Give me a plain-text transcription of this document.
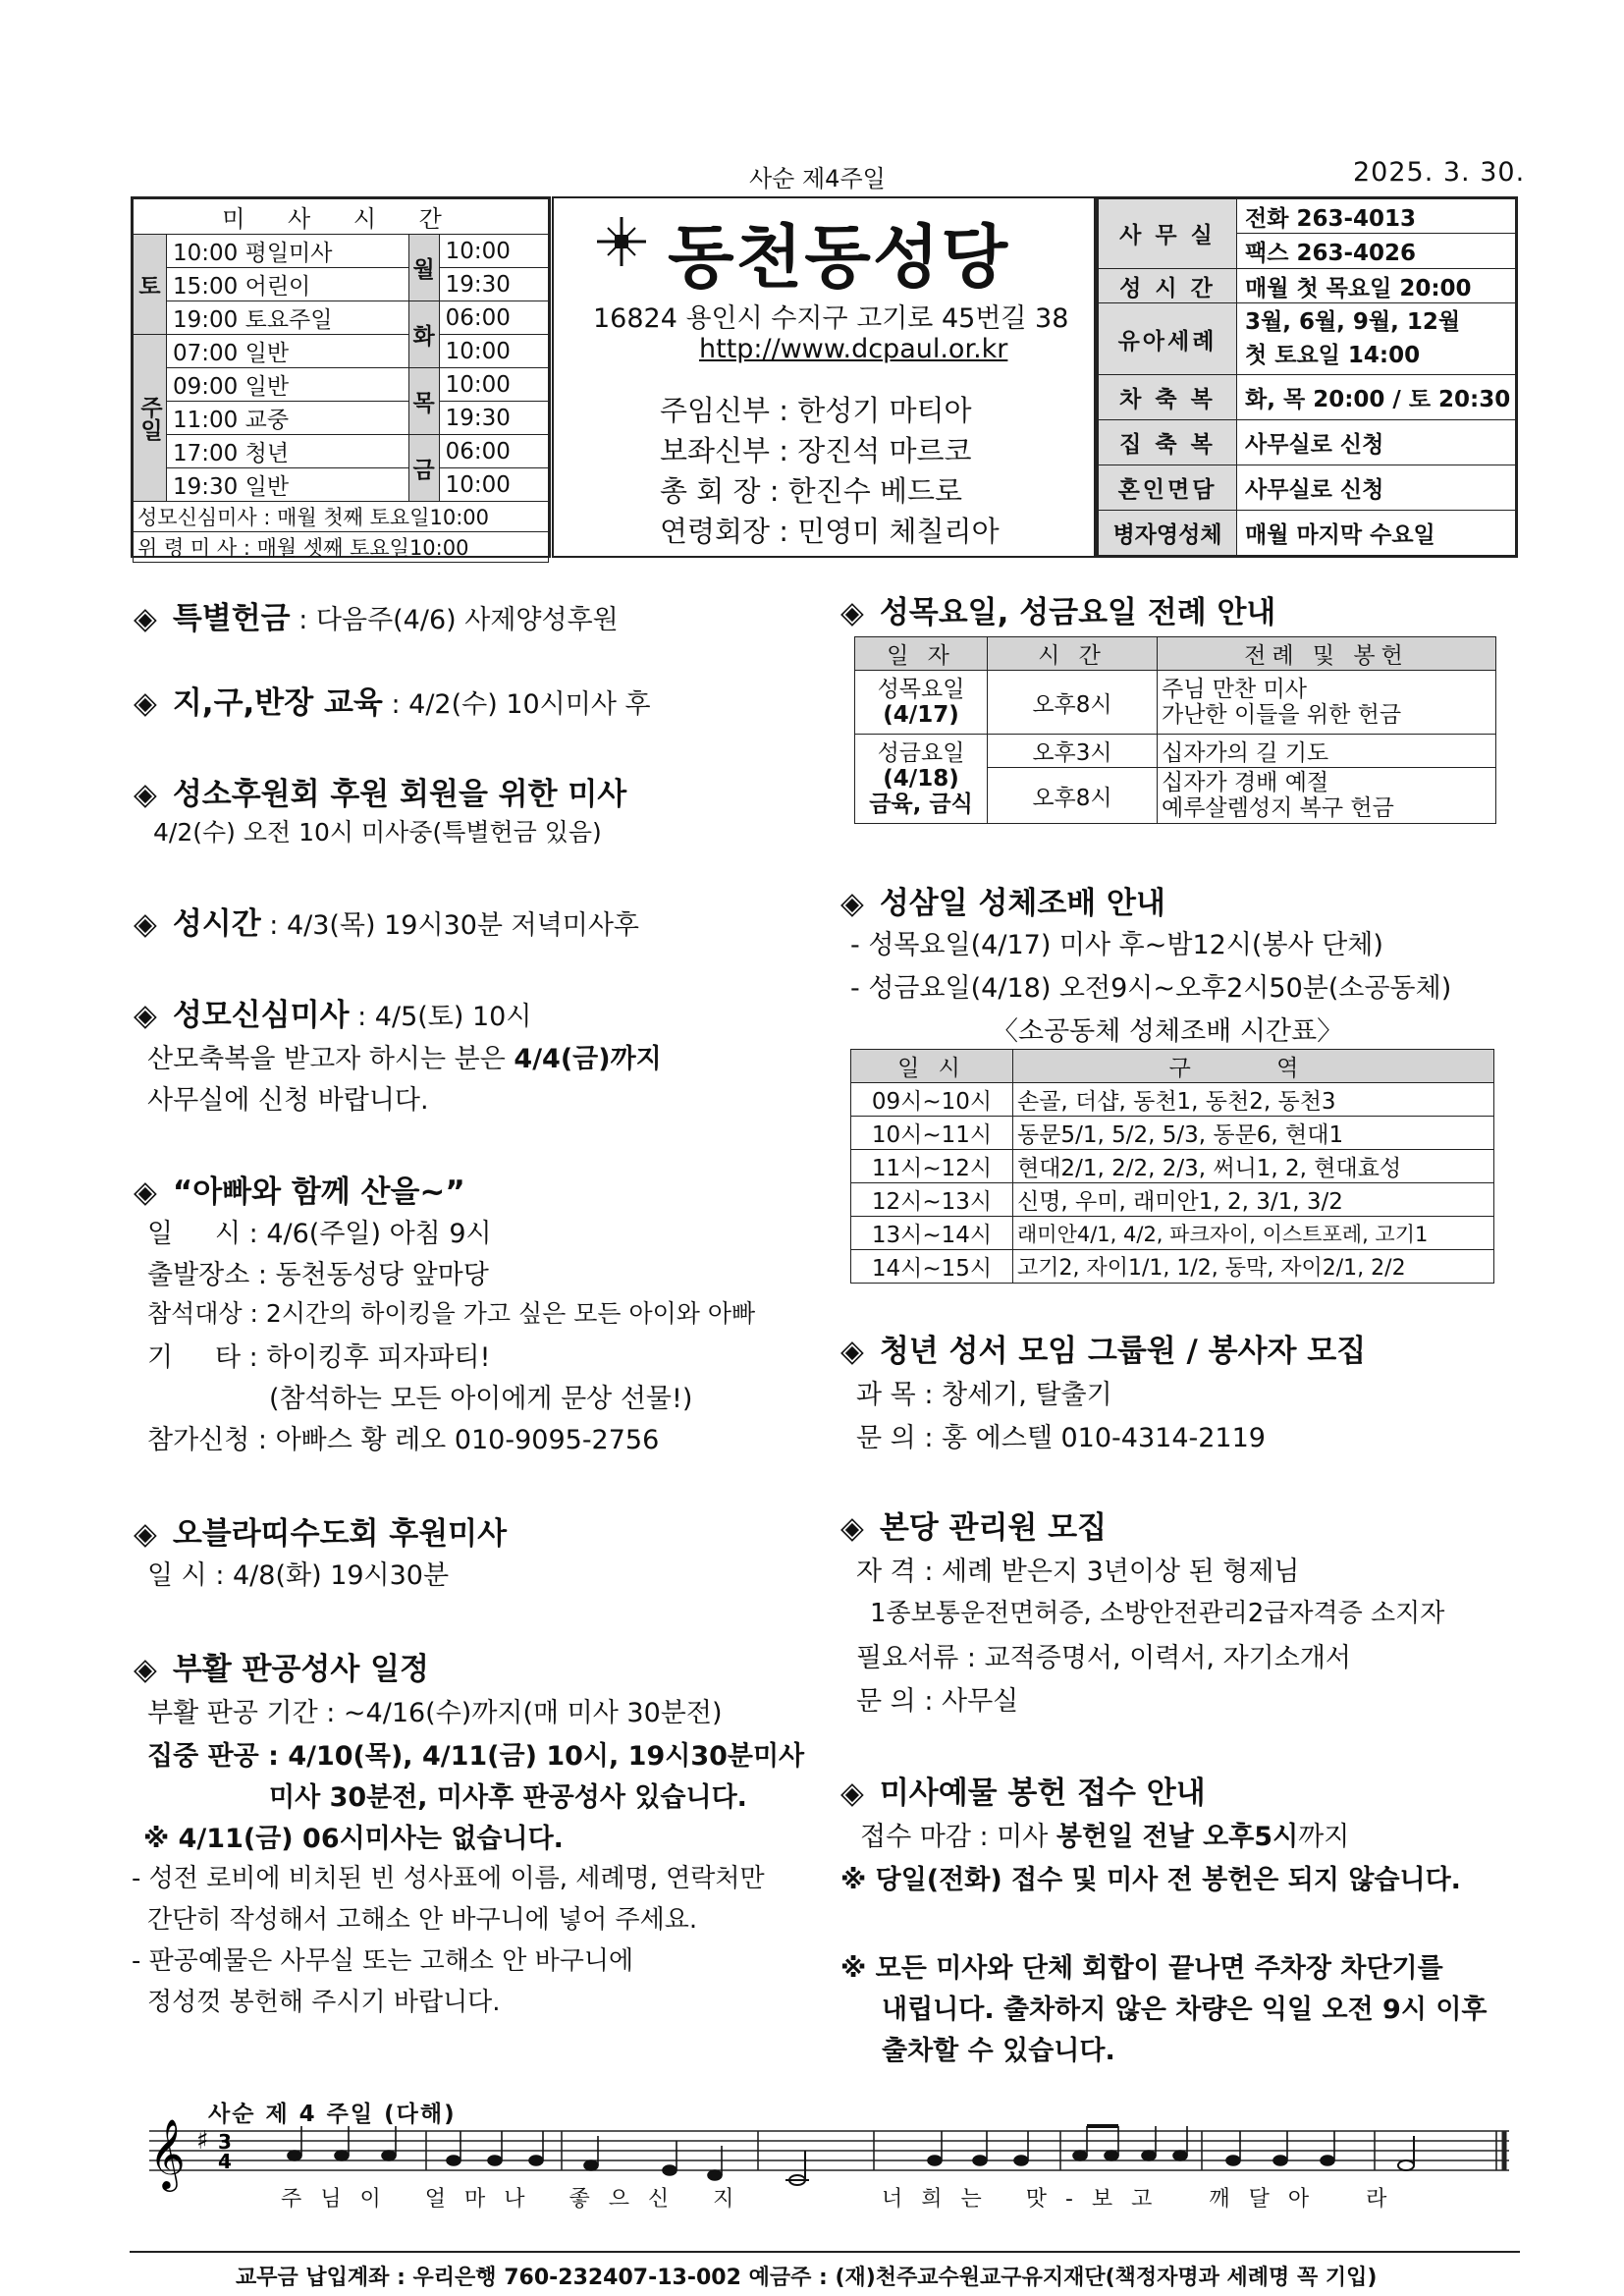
사순 제4주일	2025. 3. 30.
미 사 시 간			
토	10:00 평일미사	월	10:00
	15:00 어린이		19:30
	19:00 토요주일	화	06:00
주일	07:00 일반		10:00
	09:00 일반	목	10:00
	11:00 교중		19:30
	17:00 청년	금	06:00
	19:30 일반		10:00
성모신심미사 : 매월 첫째 토요일10:00			
위 령 미 사 : 매월 셋째 토요일10:00			
동천동성당
16824 용인시 수지구 고기로 45번길 38
http://www.dcpaul.or.kr
주임신부 : 한성기 마티아
보좌신부 : 장진석 마르코
총 회 장 : 한진수 베드로
연령회장 : 민영미 체칠리아
사 무 실	전화 263-4013
	팩스 263-4026
성 시 간	매월 첫 목요일 20:00
유아세례	3월, 6월, 9월, 12월
첫 토요일 14:00
차 축 복	화, 목 20:00 / 토 20:30
집 축 복	사무실로 신청
혼인면담	사무실로 신청
병자영성체	매월 마지막 수요일
◈ 특별헌금 : 다음주(4/6) 사제양성후원
◈ 지,구,반장 교육 : 4/2(수) 10시미사 후
◈ 성소후원회 후원 회원을 위한 미사
4/2(수) 오전 10시 미사중(특별헌금 있음)
◈ 성시간 : 4/3(목) 19시30분 저녁미사후
◈ 성모신심미사 : 4/5(토) 10시
산모축복을 받고자 하시는 분은 4/4(금)까지
사무실에 신청 바랍니다.
◈ “아빠와 함께 산을~”
일     시 : 4/6(주일) 아침 9시
출발장소 : 동천동성당 앞마당
참석대상 : 2시간의 하이킹을 가고 싶은 모든 아이와 아빠
기     타 : 하이킹후 피자파티!
(참석하는 모든 아이에게 문상 선물!)
참가신청 : 아빠스 황 레오 010-9095-2756
◈ 오블라띠수도회 후원미사
일 시 : 4/8(화) 19시30분
◈ 부활 판공성사 일정
부활 판공 기간 : ~4/16(수)까지(매 미사 30분전)
집중 판공 : 4/10(목), 4/11(금) 10시, 19시30분미사
미사 30분전, 미사후 판공성사 있습니다.
※ 4/11(금) 06시미사는 없습니다.
- 성전 로비에 비치된 빈 성사표에 이름, 세례명, 연락처만
간단히 작성해서 고해소 안 바구니에 넣어 주세요.
- 판공예물은 사무실 또는 고해소 안 바구니에
정성껏 봉헌해 주시기 바랍니다.
◈ 성목요일, 성금요일 전례 안내
일 자	시 간	전례 및 봉헌
성목요일
(4/17)	오후8시	주님 만찬 미사
가난한 이들을 위한 헌금
성금요일
(4/18)
금육, 금식	오후3시	십자가의 길 기도
	오후8시	십자가 경배 예절
예루살렘성지 복구 헌금
◈ 성삼일 성체조배 안내
- 성목요일(4/17) 미사 후~밤12시(봉사 단체)
- 성금요일(4/18) 오전9시~오후2시50분(소공동체)
〈소공동체 성체조배 시간표〉
일 시	구 역
09시~10시	손골, 더샵, 동천1, 동천2, 동천3
10시~11시	동문5/1, 5/2, 5/3, 동문6, 현대1
11시~12시	현대2/1, 2/2, 2/3, 써니1, 2, 현대효성
12시~13시	신명, 우미, 래미안1, 2, 3/1, 3/2
13시~14시	래미안4/1, 4/2, 파크자이, 이스트포레, 고기1
14시~15시	고기2, 자이1/1, 1/2, 동막, 자이2/1, 2/2
◈ 청년 성서 모임 그룹원 / 봉사자 모집
과 목 : 창세기, 탈출기
문 의 : 홍 에스텔 010-4314-2119
◈ 본당 관리원 모집
자 격 : 세례 받은지 3년이상 된 형제님
1종보통운전면허증, 소방안전관리2급자격증 소지자
필요서류 : 교적증명서, 이력서, 자기소개서
문 의 : 사무실
◈ 미사예물 봉헌 접수 안내
접수 마감 : 미사 봉헌일 전날 오후5시까지
※ 당일(전화) 접수 및 미사 전 봉헌은 되지 않습니다.
※ 모든 미사와 단체 회합이 끝나면 주차장 차단기를
내립니다. 출차하지 않은 차량은 익일 오전 9시 이후
출차할 수 있습니다.
사순 제 4 주일 (다해)
𝄞 ♯ 3
4
주 님 이   얼 마 나   좋 으 신   지	너 희 는   맛 - 보 고    깨 달 아    라
교무금 납입계좌 : 우리은행 760-232407-13-002 예금주 : (재)천주교수원교구유지재단(책정자명과 세례명 꼭 기입)
